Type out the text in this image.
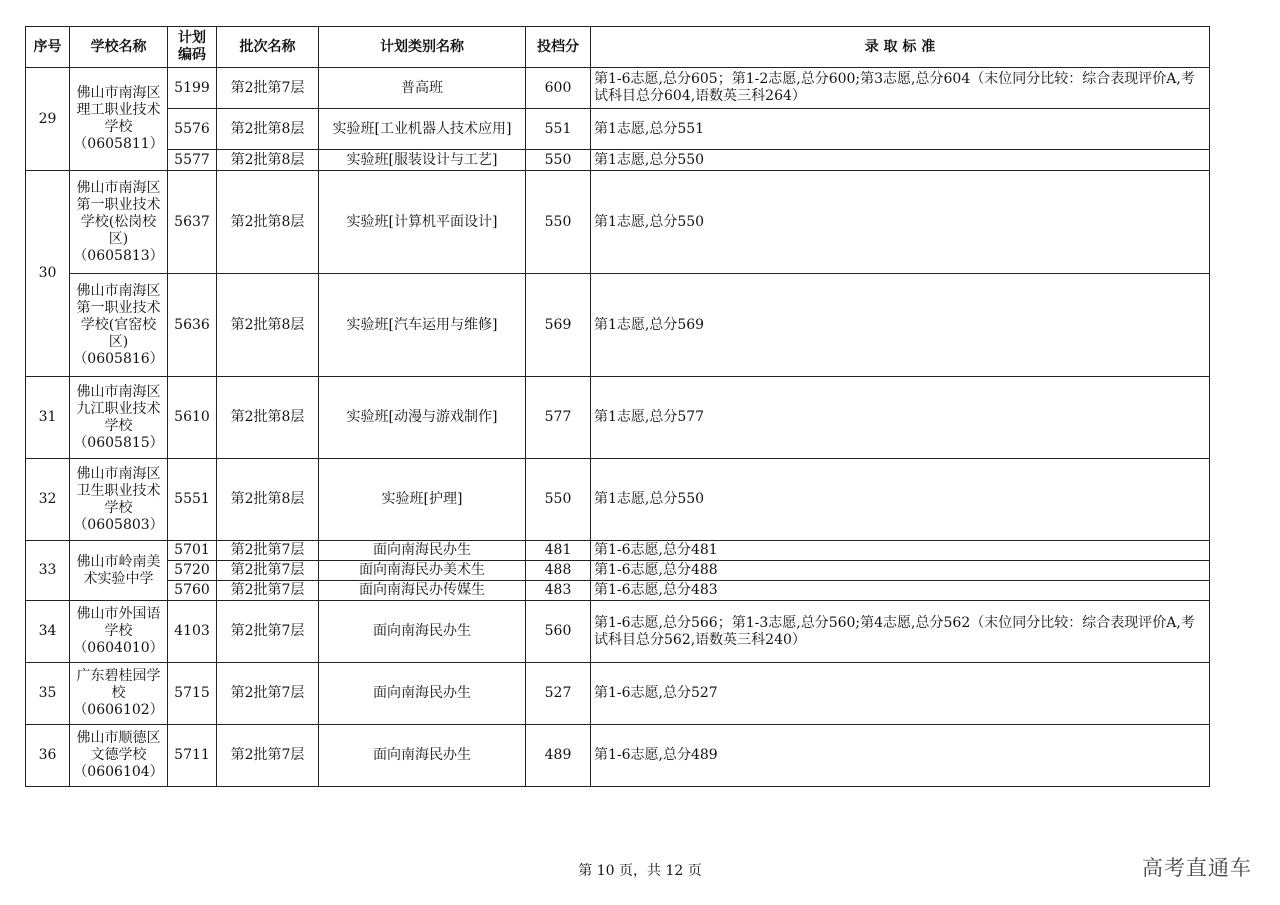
序号	学校名称	计划
编码	批次名称	计划类别名称	投档分	录 取 标 准
29	佛山市南海区理工职业技术学校（0605811）	5199	第2批第7层	普高班	600	第1-6志愿,总分605；第1-2志愿,总分600;第3志愿,总分604（末位同分比较：综合表现评价A,考试科目总分604,语数英三科264）
		5576	第2批第8层	实验班[工业机器人技术应用]	551	第1志愿,总分551
		5577	第2批第8层	实验班[服装设计与工艺]	550	第1志愿,总分550
30	佛山市南海区第一职业技术学校(松岗校区)（0605813）	5637	第2批第8层	实验班[计算机平面设计]	550	第1志愿,总分550
	佛山市南海区第一职业技术学校(官窑校区)（0605816）	5636	第2批第8层	实验班[汽车运用与维修]	569	第1志愿,总分569
31	佛山市南海区九江职业技术学校（0605815）	5610	第2批第8层	实验班[动漫与游戏制作]	577	第1志愿,总分577
32	佛山市南海区卫生职业技术学校（0605803）	5551	第2批第8层	实验班[护理]	550	第1志愿,总分550
33	佛山市岭南美术实验中学	5701	第2批第7层	面向南海民办生	481	第1-6志愿,总分481
		5720	第2批第7层	面向南海民办美术生	488	第1-6志愿,总分488
		5760	第2批第7层	面向南海民办传媒生	483	第1-6志愿,总分483
34	佛山市外国语学校（0604010）	4103	第2批第7层	面向南海民办生	560	第1-6志愿,总分566；第1-3志愿,总分560;第4志愿,总分562（末位同分比较：综合表现评价A,考试科目总分562,语数英三科240）
35	广东碧桂园学校（0606102）	5715	第2批第7层	面向南海民办生	527	第1-6志愿,总分527
36	佛山市顺德区文德学校（0606104）	5711	第2批第7层	面向南海民办生	489	第1-6志愿,总分489
第 10 页，共 12 页	高考直通车
